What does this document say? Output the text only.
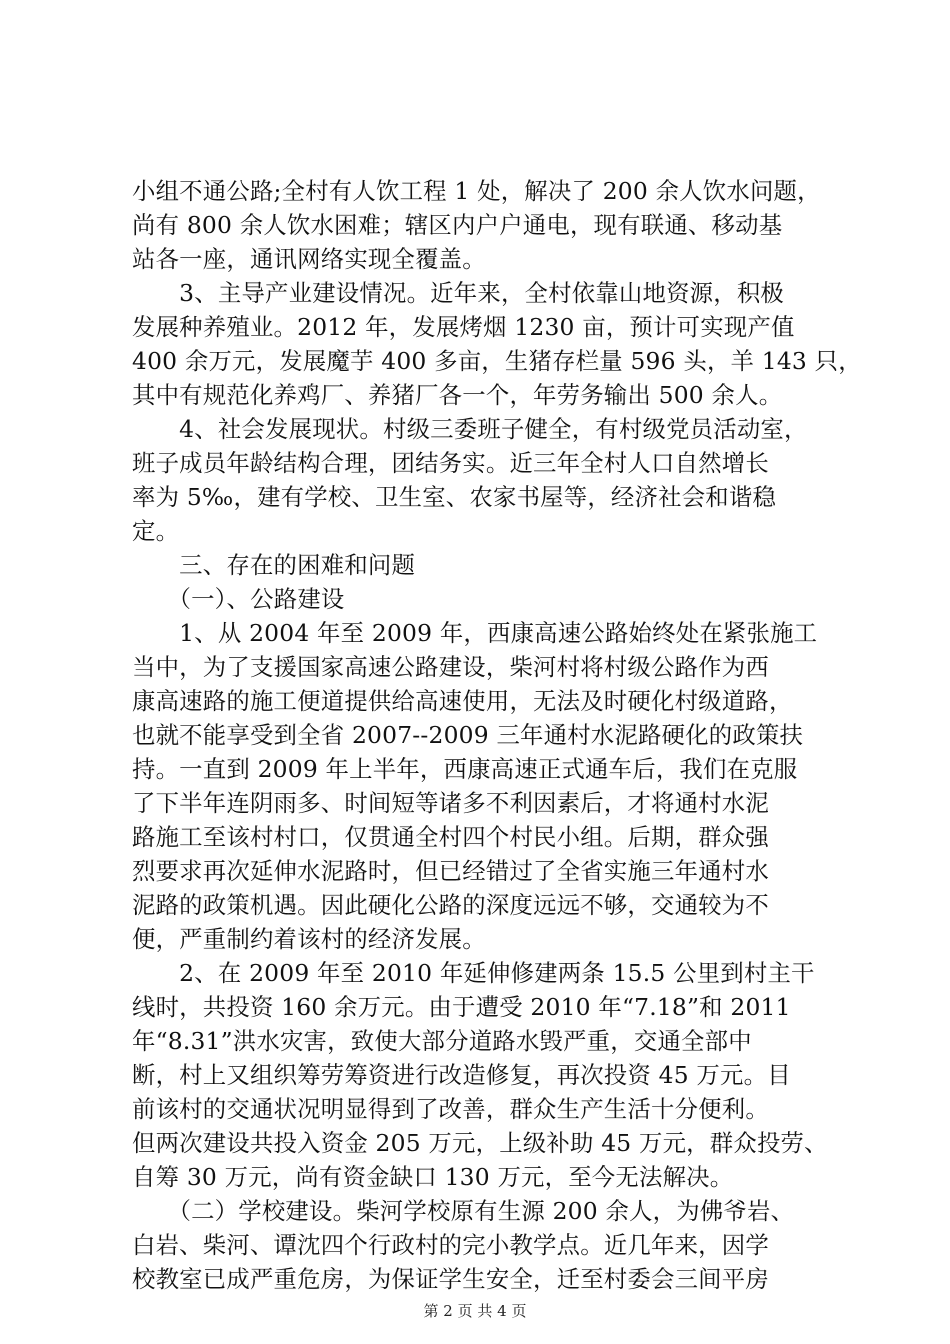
小组不通公路;全村有人饮工程 1 处，解决了 200 余人饮水问题，
尚有 800 余人饮水困难；辖区内户户通电，现有联通、移动基
站各一座，通讯网络实现全覆盖。
　　3、主导产业建设情况。近年来，全村依靠山地资源，积极
发展种养殖业。2012 年，发展烤烟 1230 亩，预计可实现产值
400 余万元，发展魔芋 400 多亩，生猪存栏量 596 头，羊 143 只，
其中有规范化养鸡厂、养猪厂各一个，年劳务输出 500 余人。
　　4、社会发展现状。村级三委班子健全，有村级党员活动室，
班子成员年龄结构合理，团结务实。近三年全村人口自然增长
率为 5‰，建有学校、卫生室、农家书屋等，经济社会和谐稳
定。
　　三、存在的困难和问题
　　（一）、公路建设
　　1、从 2004 年至 2009 年，西康高速公路始终处在紧张施工
当中，为了支援国家高速公路建设，柴河村将村级公路作为西
康高速路的施工便道提供给高速使用，无法及时硬化村级道路，
也就不能享受到全省 2007--2009 三年通村水泥路硬化的政策扶
持。一直到 2009 年上半年，西康高速正式通车后，我们在克服
了下半年连阴雨多、时间短等诸多不利因素后，才将通村水泥
路施工至该村村口，仅贯通全村四个村民小组。后期，群众强
烈要求再次延伸水泥路时，但已经错过了全省实施三年通村水
泥路的政策机遇。因此硬化公路的深度远远不够，交通较为不
便，严重制约着该村的经济发展。
　　2、在 2009 年至 2010 年延伸修建两条 15.5 公里到村主干
线时，共投资 160 余万元。由于遭受 2010 年“7.18”和 2011
年“8.31”洪水灾害，致使大部分道路水毁严重，交通全部中
断，村上又组织筹劳筹资进行改造修复，再次投资 45 万元。目
前该村的交通状况明显得到了改善，群众生产生活十分便利。
但两次建设共投入资金 205 万元，上级补助 45 万元，群众投劳、
自筹 30 万元，尚有资金缺口 130 万元，至今无法解决。
　　（二）学校建设。柴河学校原有生源 200 余人，为佛爷岩、
白岩、柴河、谭沈四个行政村的完小教学点。近几年来，因学
校教室已成严重危房，为保证学生安全，迁至村委会三间平房
第 2 页 共 4 页
